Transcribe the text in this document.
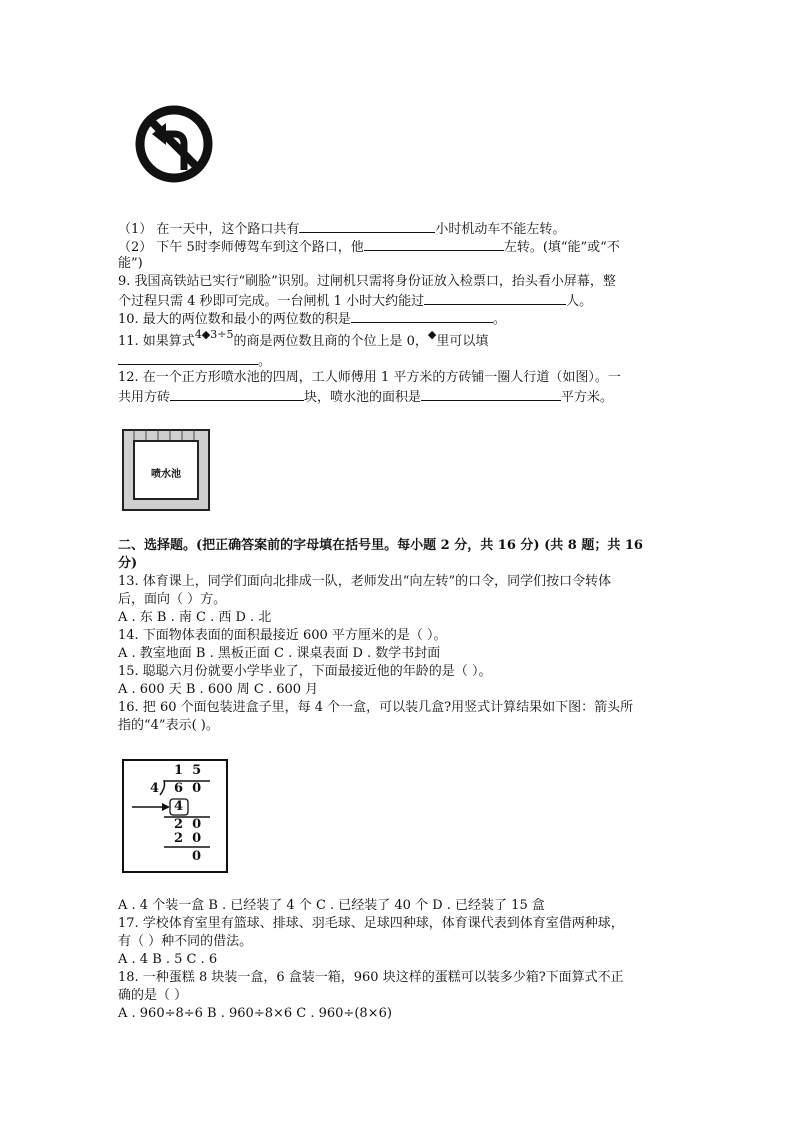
（1） 在一天中，这个路口共有	小时机动车不能左转。
（2） 下午 5时李师傅驾车到这个路口，他	左转。(填“能”或“不
能”)
9. 我国高铁站已实行“刷脸”识别。过闸机只需将身份证放入检票口，抬头看小屏幕，整
个过程只需 4 秒即可完成。一台闸机 1 小时大约能过	人。
10. 最大的两位数和最小的两位数的积是	。
11. 如果算式$^{4◆3\div 5}$的商是两位数且商的个位上是 0，◆里可以填
。
12. 在一个正方形喷水池的四周，工人师傅用 1 平方米的方砖铺一圈人行道（如图）。一
共用方砖	块，喷水池的面积是	平方米。
喷水池
二、选择题。(把正确答案前的字母填在括号里。每小题 2 分，共 16 分) (共 8 题；共 16
分)
13. 体育课上，同学们面向北排成一队，老师发出“向左转”的口令，同学们按口令转体
后，面向（ ）方。
A . 东 B . 南 C . 西 D . 北
14. 下面物体表面的面积最接近 600 平方厘米的是（ ）。
A . 教室地面 B . 黑板正面 C . 课桌表面 D . 数学书封面
15. 聪聪六月份就要小学毕业了，下面最接近他的年龄的是（ ）。
A . 600 天 B . 600 周 C . 600 月
16. 把 60 个面包装进盒子里，每 4 个一盒，可以装几盒?用竖式计算结果如下图：箭头所
指的“4”表示( )。
1  5
4 6  0
4
2  0
2  0
0
A . 4 个装一盒 B . 已经装了 4 个 C . 已经装了 40 个 D . 已经装了 15 盒
17. 学校体育室里有篮球、排球、羽毛球、足球四种球，体育课代表到体育室借两种球，
有（ ）种不同的借法。
A . 4 B . 5 C . 6
18. 一种蛋糕 8 块装一盒，6 盒装一箱，960 块这样的蛋糕可以装多少箱?下面算式不正
确的是（ ）
A . 960÷8÷6 B . 960÷8×6 C . 960÷(8×6)
